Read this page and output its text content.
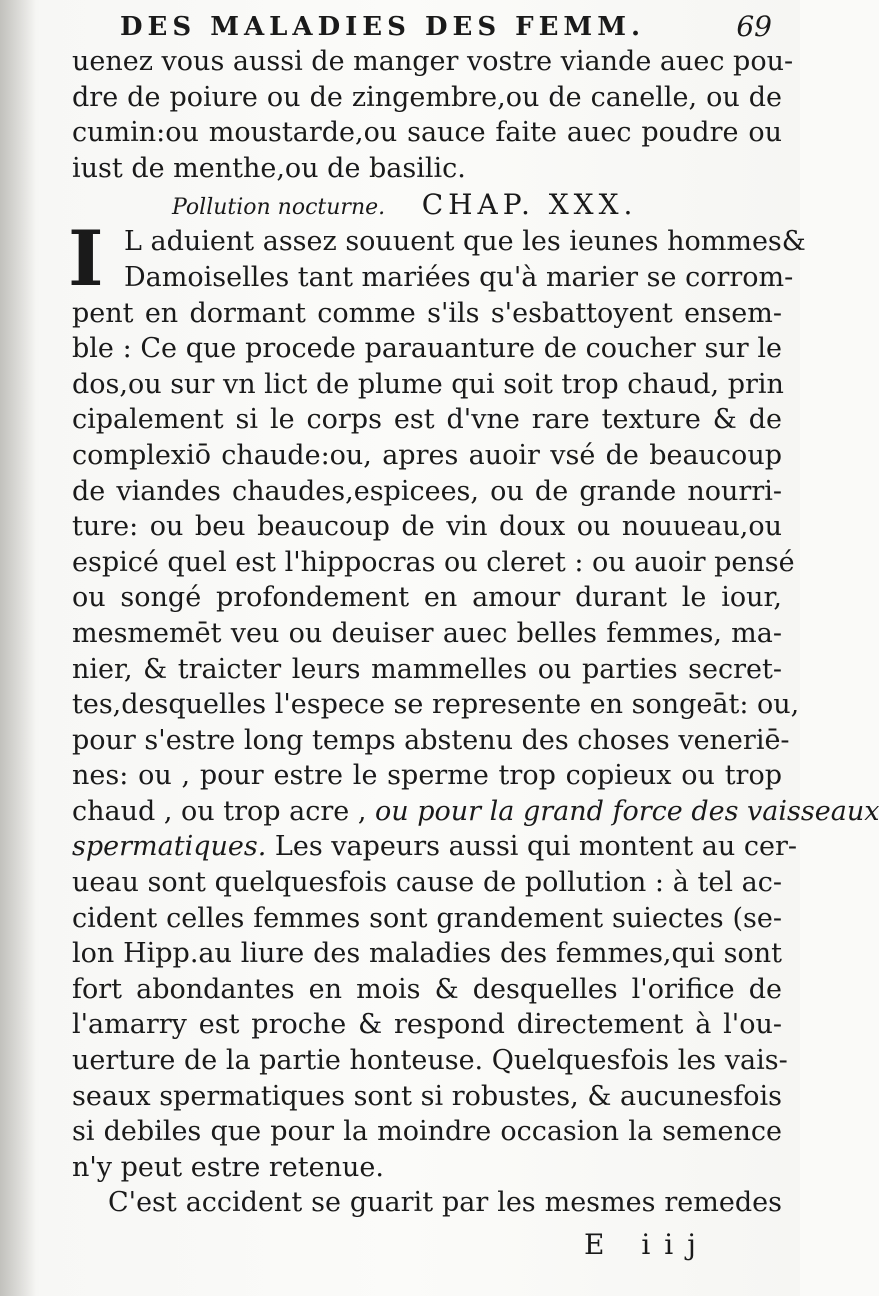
DES MALADIES DES FEMM.	69
uenez vous aussi de manger vostre viande auec pou-
dre de poiure ou de zingembre,ou de canelle, ou de
cumin:ou moustarde,ou sauce faite auec poudre ou
iust de menthe,ou de basilic.
Pollution nocturne. CHAP. XXX.
I L aduient assez souuent que les ieunes hommes&
Damoiselles tant mariées qu'à marier se corrom-
pent en dormant comme s'ils s'esbattoyent ensem-
ble : Ce que procede parauanture de coucher sur le
dos,ou sur vn lict de plume qui soit trop chaud, prin
cipalement si le corps est d'vne rare texture & de
complexiō chaude:ou, apres auoir vsé de beaucoup
de viandes chaudes,espicees, ou de grande nourri-
ture: ou beu beaucoup de vin doux ou nouueau,ou
espicé quel est l'hippocras ou cleret : ou auoir pensé
ou songé profondement en amour durant le iour,
mesmemēt veu ou deuiser auec belles femmes, ma-
nier, & traicter leurs mammelles ou parties secret-
tes,desquelles l'espece se represente en songeāt: ou,
pour s'estre long temps abstenu des choses veneriē-
nes: ou , pour estre le sperme trop copieux ou trop
chaud , ou trop acre , ou pour la grand force des vaisseaux
spermatiques. Les vapeurs aussi qui montent au cer-
ueau sont quelquesfois cause de pollution : à tel ac-
cident celles femmes sont grandement suiectes (se-
lon Hipp.au liure des maladies des femmes,qui sont
fort abondantes en mois & desquelles l'orifice de
l'amarry est proche & respond directement à l'ou-
uerture de la partie honteuse. Quelquesfois les vais-
seaux spermatiques sont si robustes, & aucunesfois
si debiles que pour la moindre occasion la semence
n'y peut estre retenue.
C'est accident se guarit par les mesmes remedes
E iij
